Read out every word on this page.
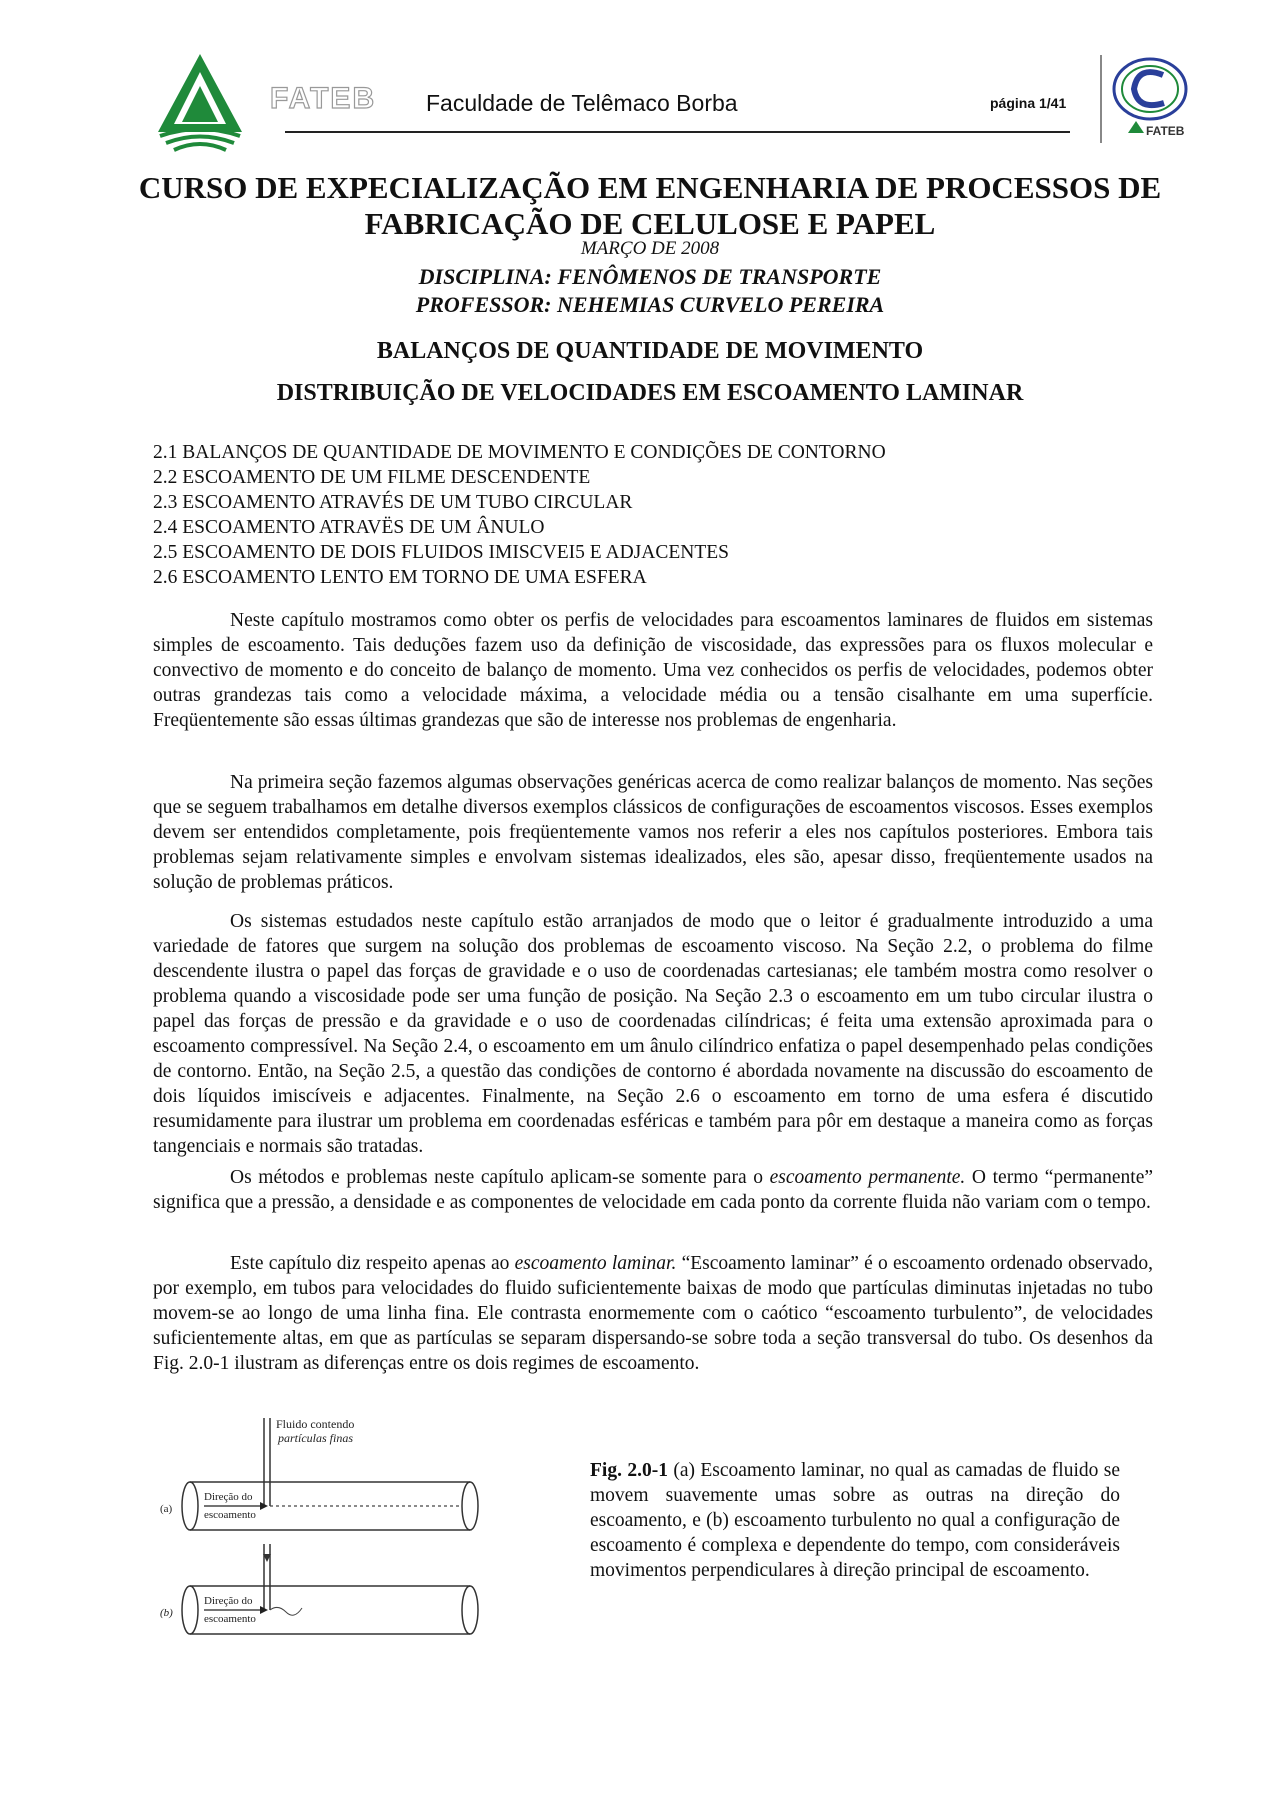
FATEB Faculdade de Telêmaco Borba	página 1/41
FATEB
CURSO DE EXPECIALIZAÇÃO EM ENGENHARIA DE PROCESSOS DE
FABRICAÇÃO DE CELULOSE E PAPEL
MARÇO DE 2008
DISCIPLINA: FENÔMENOS DE TRANSPORTE
PROFESSOR: NEHEMIAS CURVELO PEREIRA
BALANÇOS DE QUANTIDADE DE MOVIMENTO
DISTRIBUIÇÃO DE VELOCIDADES EM ESCOAMENTO LAMINAR
2.1 BALANÇOS DE QUANTIDADE DE MOVIMENTO E CONDIÇÕES DE CONTORNO
2.2 ESCOAMENTO DE UM FILME DESCENDENTE
2.3 ESCOAMENTO ATRAVÉS DE UM TUBO CIRCULAR
2.4 ESCOAMENTO ATRAVËS DE UM ÂNULO
2.5 ESCOAMENTO DE DOIS FLUIDOS IMISCVEI5 E ADJACENTES
2.6 ESCOAMENTO LENTO EM TORNO DE UMA ESFERA

Neste capítulo mostramos como obter os perfis de velocidades para escoamentos laminares de fluidos em sistemas simples de escoamento. Tais deduções fazem uso da definição de viscosidade, das expressões para os fluxos molecular e convectivo de momento e do conceito de balanço de momento. Uma vez conhecidos os perfis de velocidades, podemos obter outras grandezas tais como a velocidade máxima, a velocidade média ou a tensão cisalhante em uma superfície. Freqüentemente são essas últimas grandezas que são de interesse nos problemas de engenharia.

Na primeira seção fazemos algumas observações genéricas acerca de como realizar balanços de momento. Nas seções que se seguem trabalhamos em detalhe diversos exemplos clássicos de configurações de escoamentos viscosos. Esses exemplos devem ser entendidos completamente, pois freqüentemente vamos nos referir a eles nos capítulos posteriores. Embora tais problemas sejam relativamente simples e envolvam sistemas idealizados, eles são, apesar disso, freqüentemente usados na solução de problemas práticos.

Os sistemas estudados neste capítulo estão arranjados de modo que o leitor é gradualmente introduzido a uma variedade de fatores que surgem na solução dos problemas de escoamento viscoso. Na Seção 2.2, o problema do filme descendente ilustra o papel das forças de gravidade e o uso de coordenadas cartesianas; ele também mostra como resolver o problema quando a viscosidade pode ser uma função de posição. Na Seção 2.3 o escoamento em um tubo circular ilustra o papel das forças de pressão e da gravidade e o uso de coordenadas cilíndricas; é feita uma extensão aproximada para o escoamento compressível. Na Seção 2.4, o escoamento em um ânulo cilíndrico enfatiza o papel desempenhado pelas condições de contorno. Então, na Seção 2.5, a questão das condições de contorno é abordada novamente na discussão do escoamento de dois líquidos imiscíveis e adjacentes. Finalmente, na Seção 2.6 o escoamento em torno de uma esfera é discutido resumidamente para ilustrar um problema em coordenadas esféricas e também para pôr em destaque a maneira como as forças tangenciais e normais são tratadas.

Os métodos e problemas neste capítulo aplicam-se somente para o escoamento permanente. O termo “permanente” significa que a pressão, a densidade e as componentes de velocidade em cada ponto da corrente fluida não variam com o tempo.

Este capítulo diz respeito apenas ao escoamento laminar. “Escoamento laminar” é o escoamento ordenado observado, por exemplo, em tubos para velocidades do fluido suficientemente baixas de modo que partículas diminutas injetadas no tubo movem-se ao longo de uma linha fina. Ele contrasta enormemente com o caótico “escoamento turbulento”, de velocidades suficientemente altas, em que as partículas se separam dispersando-se sobre toda a seção transversal do tubo. Os desenhos da Fig. 2.0-1 ilustram as diferenças entre os dois regimes de escoamento.

Fluido contendo
partículas finas
(a)
Direção do
escoamento
(b)
Direção do
escoamento

Fig. 2.0-1 (a) Escoamento laminar, no qual as camadas de fluido se movem suavemente umas sobre as outras na direção do escoamento, e (b) escoamento turbulento no qual a configuração de escoamento é complexa e dependente do tempo, com consideráveis movimentos perpendiculares à direção principal de escoamento.
